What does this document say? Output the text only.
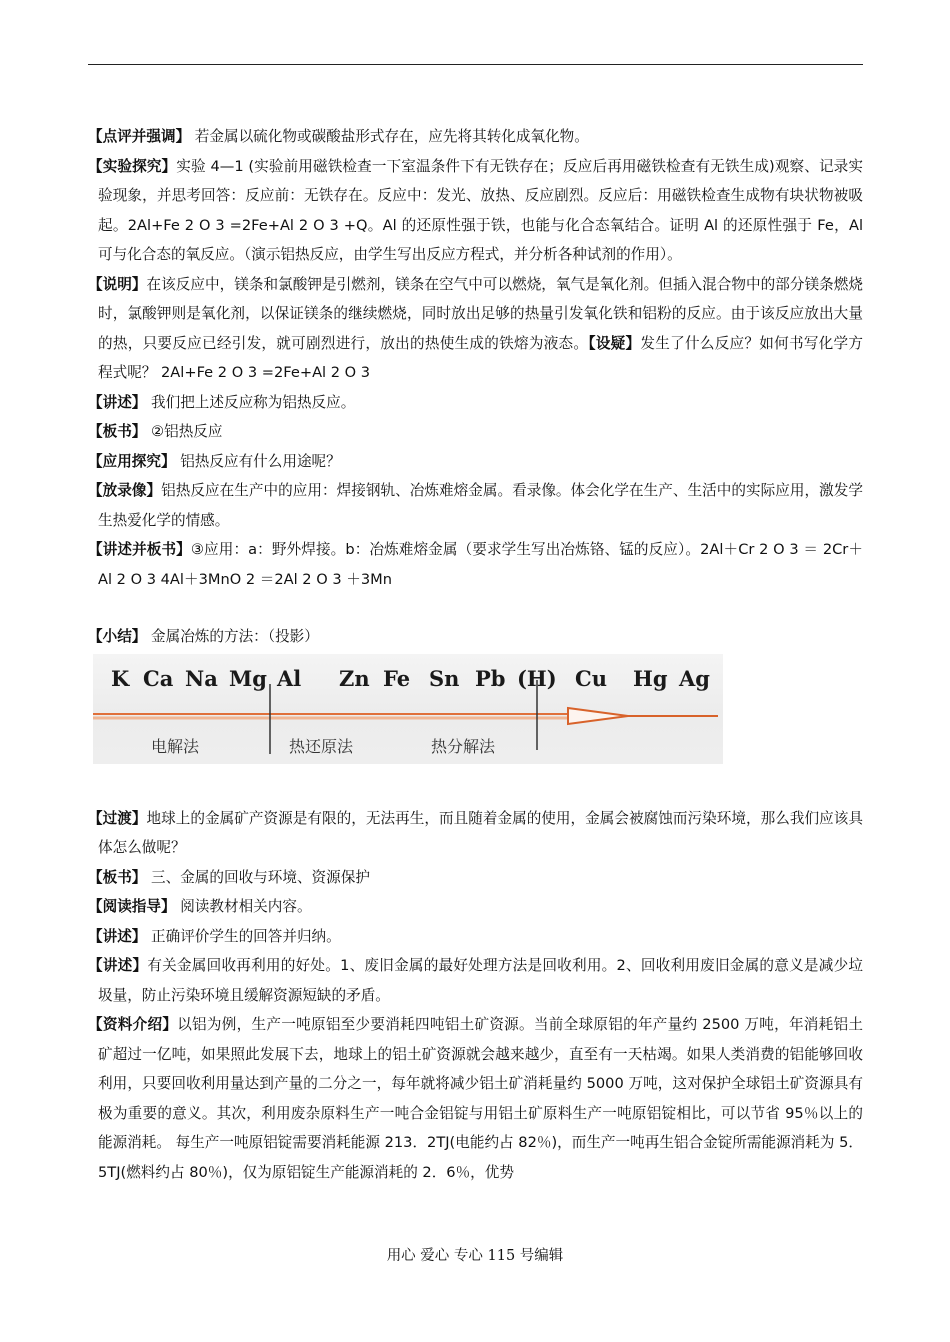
【点评并强调】 若金属以硫化物或碳酸盐形式存在，应先将其转化成氧化物。

【实验探究】实验 4—1 (实验前用磁铁检查一下室温条件下有无铁存在；反应后再用磁铁检查有无铁生成)观察、记录实验现象，并思考回答：反应前：无铁存在。反应中：发光、放热、反应剧烈。反应后：用磁铁检查生成物有块状物被吸起。2Al+Fe 2 O 3 =2Fe+Al 2 O 3 +Q。Al 的还原性强于铁，也能与化合态氧结合。证明 Al 的还原性强于 Fe，Al 可与化合态的氧反应。（演示铝热反应，由学生写出反应方程式，并分析各种试剂的作用）。

【说明】在该反应中，镁条和氯酸钾是引燃剂，镁条在空气中可以燃烧，氧气是氧化剂。但插入混合物中的部分镁条燃烧时，氯酸钾则是氧化剂，以保证镁条的继续燃烧，同时放出足够的热量引发氧化铁和铝粉的反应。由于该反应放出大量的热，只要反应已经引发，就可剧烈进行，放出的热使生成的铁熔为液态。【设疑】发生了什么反应？如何书写化学方程式呢？ 2Al+Fe 2 O 3 =2Fe+Al 2 O 3

【讲述】 我们把上述反应称为铝热反应。

【板书】 ②铝热反应

【应用探究】 铝热反应有什么用途呢？

【放录像】铝热反应在生产中的应用：焊接钢轨、冶炼难熔金属。看录像。体会化学在生产、生活中的实际应用，激发学生热爱化学的情感。

【讲述并板书】③应用：a：野外焊接。b：冶炼难熔金属（要求学生写出冶炼铬、锰的反应）。2Al＋Cr 2 O 3 ＝ 2Cr＋Al 2 O 3 4Al＋3MnO 2 ＝2Al 2 O 3 ＋3Mn

【小结】 金属冶炼的方法：（投影）

K Ca Na Mg Al Zn Fe Sn Pb (H) Cu Hg Ag
电解法	热还原法	热分解法

【过渡】地球上的金属矿产资源是有限的，无法再生，而且随着金属的使用，金属会被腐蚀而污染环境，那么我们应该具体怎么做呢？

【板书】 三、金属的回收与环境、资源保护

【阅读指导】 阅读教材相关内容。

【讲述】 正确评价学生的回答并归纳。

【讲述】有关金属回收再利用的好处。1、废旧金属的最好处理方法是回收利用。2、回收利用废旧金属的意义是减少垃圾量，防止污染环境且缓解资源短缺的矛盾。

【资料介绍】以铝为例，生产一吨原铝至少要消耗四吨铝土矿资源。当前全球原铝的年产量约 2500 万吨，年消耗铝土矿超过一亿吨，如果照此发展下去，地球上的铝土矿资源就会越来越少，直至有一天枯竭。如果人类消费的铝能够回收利用，只要回收利用量达到产量的二分之一，每年就将减少铝土矿消耗量约 5000 万吨，这对保护全球铝土矿资源具有极为重要的意义。其次，利用废杂原料生产一吨合金铝锭与用铝土矿原料生产一吨原铝锭相比，可以节省 95％以上的能源消耗。 每生产一吨原铝锭需要消耗能源 213．2TJ(电能约占 82％)，而生产一吨再生铝合金锭所需能源消耗为 5．5TJ(燃料约占 80％)，仅为原铝锭生产能源消耗的 2．6％，优势

用心 爱心 专心 115 号编辑
